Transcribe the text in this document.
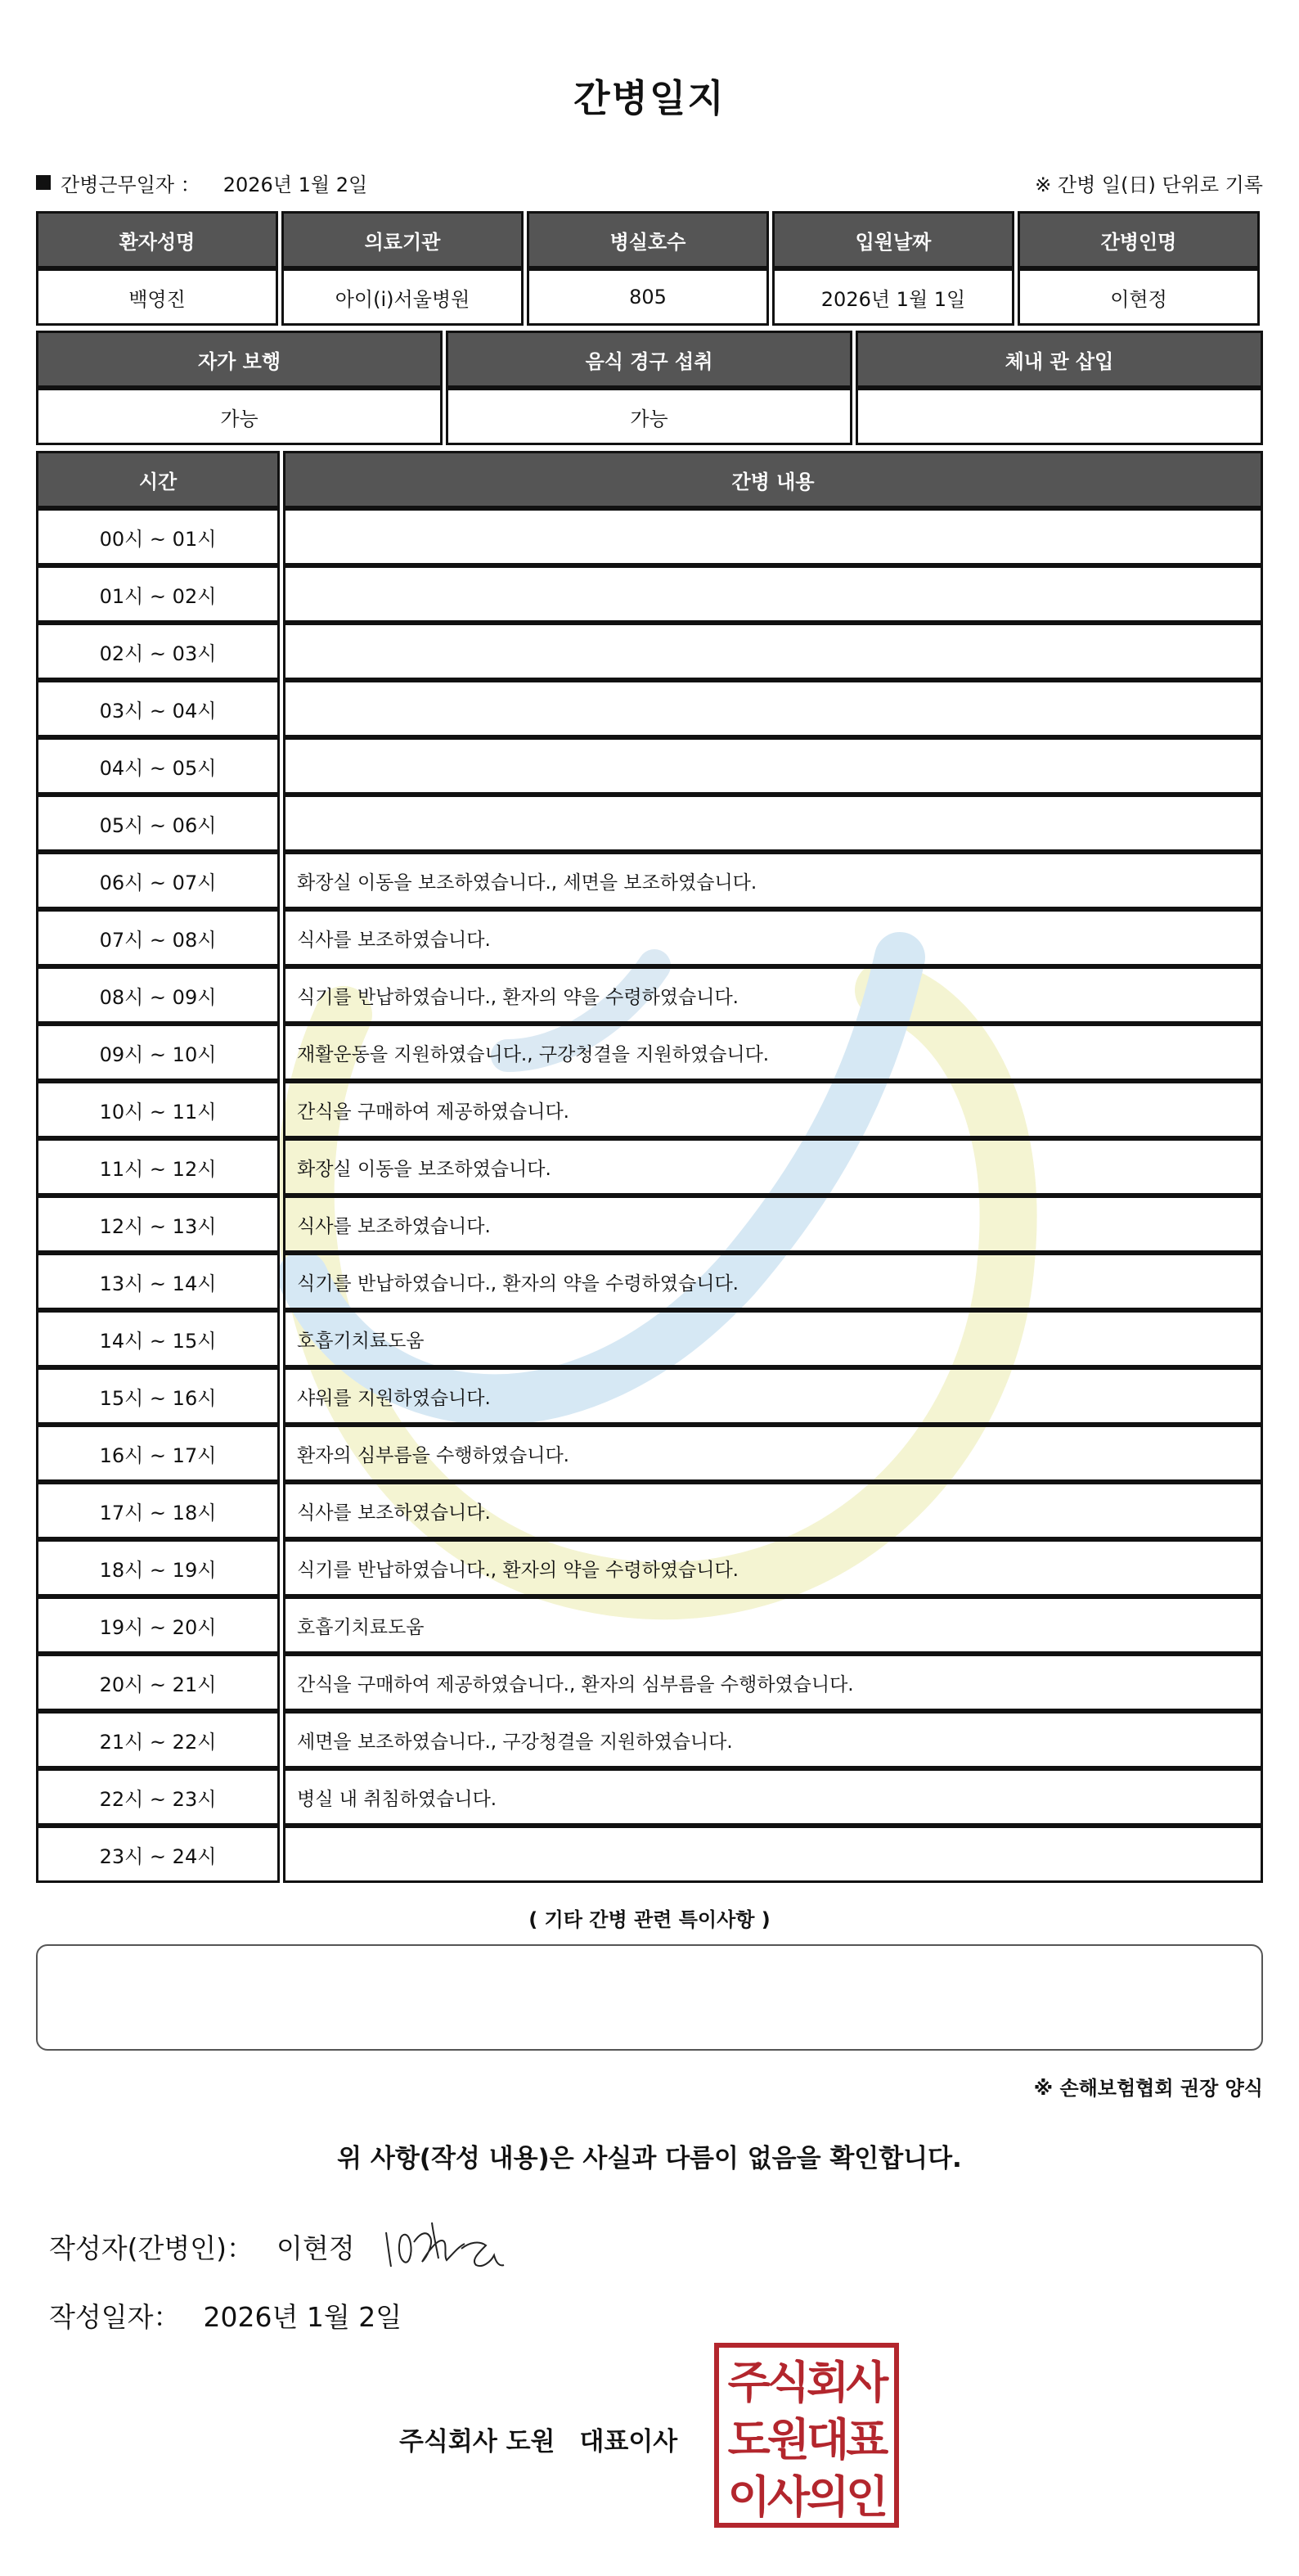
간병일지
간병근무일자 ： 2026년 1월 2일	※ 간병 일(日) 단위로 기록
환자성명	의료기관	병실호수	입원날짜	간병인명
백영진	아이(i)서울병원	805	2026년 1월 1일	이현정
자가 보행	음식 경구 섭취	체내 관 삽입
가능	가능
시간	간병 내용
00시 ~ 01시
01시 ~ 02시
02시 ~ 03시
03시 ~ 04시
04시 ~ 05시
05시 ~ 06시
06시 ~ 07시	화장실 이동을 보조하였습니다., 세면을 보조하였습니다.
07시 ~ 08시	식사를 보조하였습니다.
08시 ~ 09시	식기를 반납하였습니다., 환자의 약을 수령하였습니다.
09시 ~ 10시	재활운동을 지원하였습니다., 구강청결을 지원하였습니다.
10시 ~ 11시	간식을 구매하여 제공하였습니다.
11시 ~ 12시	화장실 이동을 보조하였습니다.
12시 ~ 13시	식사를 보조하였습니다.
13시 ~ 14시	식기를 반납하였습니다., 환자의 약을 수령하였습니다.
14시 ~ 15시	호흡기치료도움
15시 ~ 16시	샤워를 지원하였습니다.
16시 ~ 17시	환자의 심부름을 수행하였습니다.
17시 ~ 18시	식사를 보조하였습니다.
18시 ~ 19시	식기를 반납하였습니다., 환자의 약을 수령하였습니다.
19시 ~ 20시	호흡기치료도움
20시 ~ 21시	간식을 구매하여 제공하였습니다., 환자의 심부름을 수행하였습니다.
21시 ~ 22시	세면을 보조하였습니다., 구강청결을 지원하였습니다.
22시 ~ 23시	병실 내 취침하였습니다.
23시 ~ 24시
( 기타 간병 관련 특이사항 )
※ 손해보험협회 권장 양식
위 사항(작성 내용)은 사실과 다름이 없음을 확인합니다.
작성자(간병인)： 이현정
작성일자： 2026년 1월 2일
주식회사 도원 대표이사
주식회사
도원대표
이사의인
